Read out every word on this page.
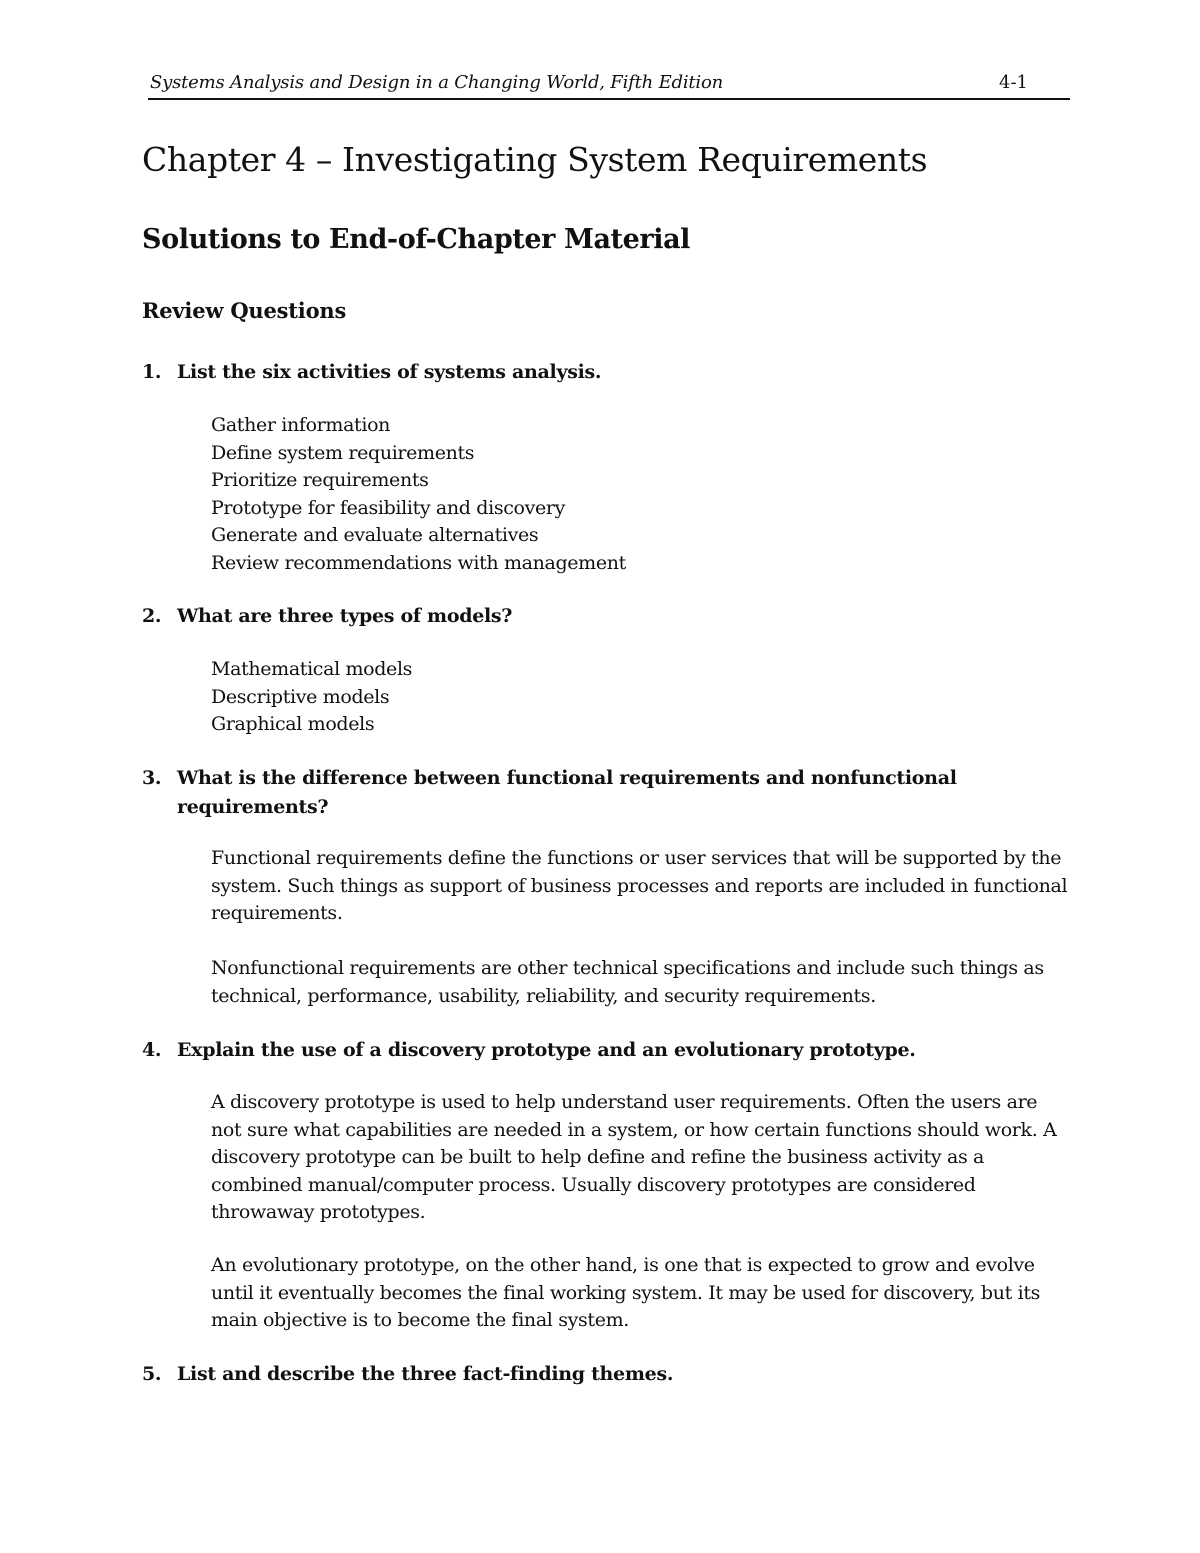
Systems Analysis and Design in a Changing World, Fifth Edition	4-1
Chapter 4 – Investigating System Requirements
Solutions to End-of-Chapter Material
Review Questions
1. List the six activities of systems analysis.
Gather information
Define system requirements
Prioritize requirements
Prototype for feasibility and discovery
Generate and evaluate alternatives
Review recommendations with management
2. What are three types of models?
Mathematical models
Descriptive models
Graphical models
3. What is the difference between functional requirements and nonfunctional requirements?
Functional requirements define the functions or user services that will be supported by the system. Such things as support of business processes and reports are included in functional requirements.
Nonfunctional requirements are other technical specifications and include such things as technical, performance, usability, reliability, and security requirements.
4. Explain the use of a discovery prototype and an evolutionary prototype.
A discovery prototype is used to help understand user requirements. Often the users are not sure what capabilities are needed in a system, or how certain functions should work. A discovery prototype can be built to help define and refine the business activity as a combined manual/computer process. Usually discovery prototypes are considered throwaway prototypes.
An evolutionary prototype, on the other hand, is one that is expected to grow and evolve until it eventually becomes the final working system. It may be used for discovery, but its main objective is to become the final system.
5. List and describe the three fact-finding themes.
